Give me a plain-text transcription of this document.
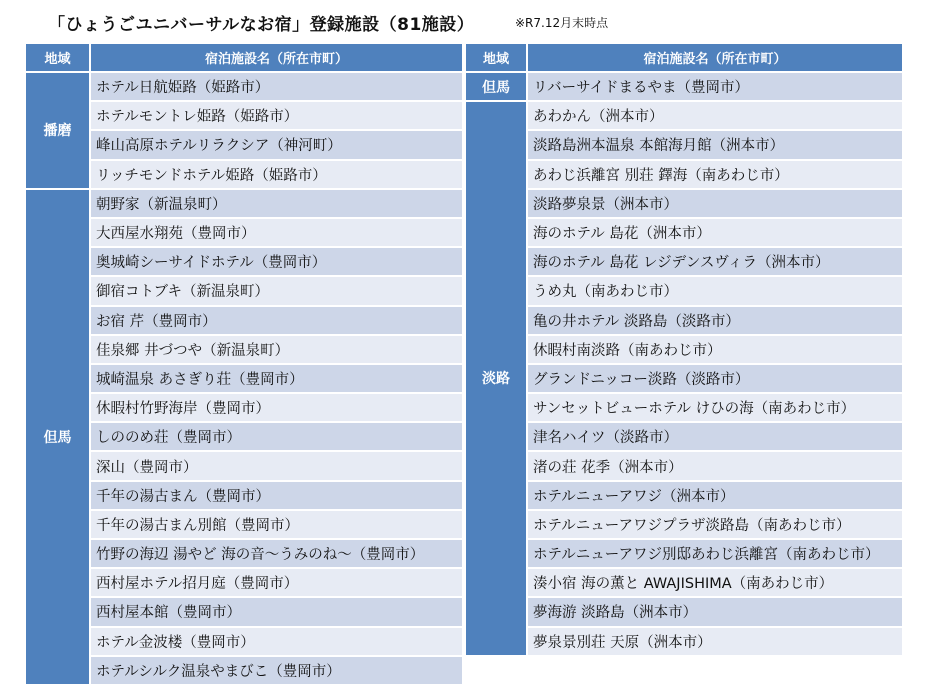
「ひょうごユニバーサルなお宿」登録施設（81施設）	※R7.12月末時点
地域	宿泊施設名（所在市町）
播磨	ホテル日航姫路（姫路市）
	ホテルモントレ姫路（姫路市）
	峰山高原ホテルリラクシア（神河町）
	リッチモンドホテル姫路（姫路市）
但馬	朝野家（新温泉町）
	大西屋水翔苑（豊岡市）
	奥城崎シーサイドホテル（豊岡市）
	御宿コトブキ（新温泉町）
	お宿 芹（豊岡市）
	佳泉郷 井づつや（新温泉町）
	城崎温泉 あさぎり荘（豊岡市）
	休暇村竹野海岸（豊岡市）
	しののめ荘（豊岡市）
	深山（豊岡市）
	千年の湯古まん（豊岡市）
	千年の湯古まん別館（豊岡市）
	竹野の海辺 湯やど 海の音～うみのね～（豊岡市）
	西村屋ホテル招月庭（豊岡市）
	西村屋本館（豊岡市）
	ホテル金波楼（豊岡市）
	ホテルシルク温泉やまびこ（豊岡市）
地域	宿泊施設名（所在市町）
但馬	リバーサイドまるやま（豊岡市）
淡路	あわかん（洲本市）
	淡路島洲本温泉 本館海月館（洲本市）
	あわじ浜離宮 別荘 鐸海（南あわじ市）
	淡路夢泉景（洲本市）
	海のホテル 島花（洲本市）
	海のホテル 島花 レジデンスヴィラ（洲本市）
	うめ丸（南あわじ市）
	亀の井ホテル 淡路島（淡路市）
	休暇村南淡路（南あわじ市）
	グランドニッコー淡路（淡路市）
	サンセットビューホテル けひの海（南あわじ市）
	津名ハイツ（淡路市）
	渚の荘 花季（洲本市）
	ホテルニューアワジ（洲本市）
	ホテルニューアワジプラザ淡路島（南あわじ市）
	ホテルニューアワジ別邸あわじ浜離宮（南あわじ市）
	湊小宿 海の薫と AWAJISHIMA（南あわじ市）
	夢海游 淡路島（洲本市）
	夢泉景別荘 天原（洲本市）
